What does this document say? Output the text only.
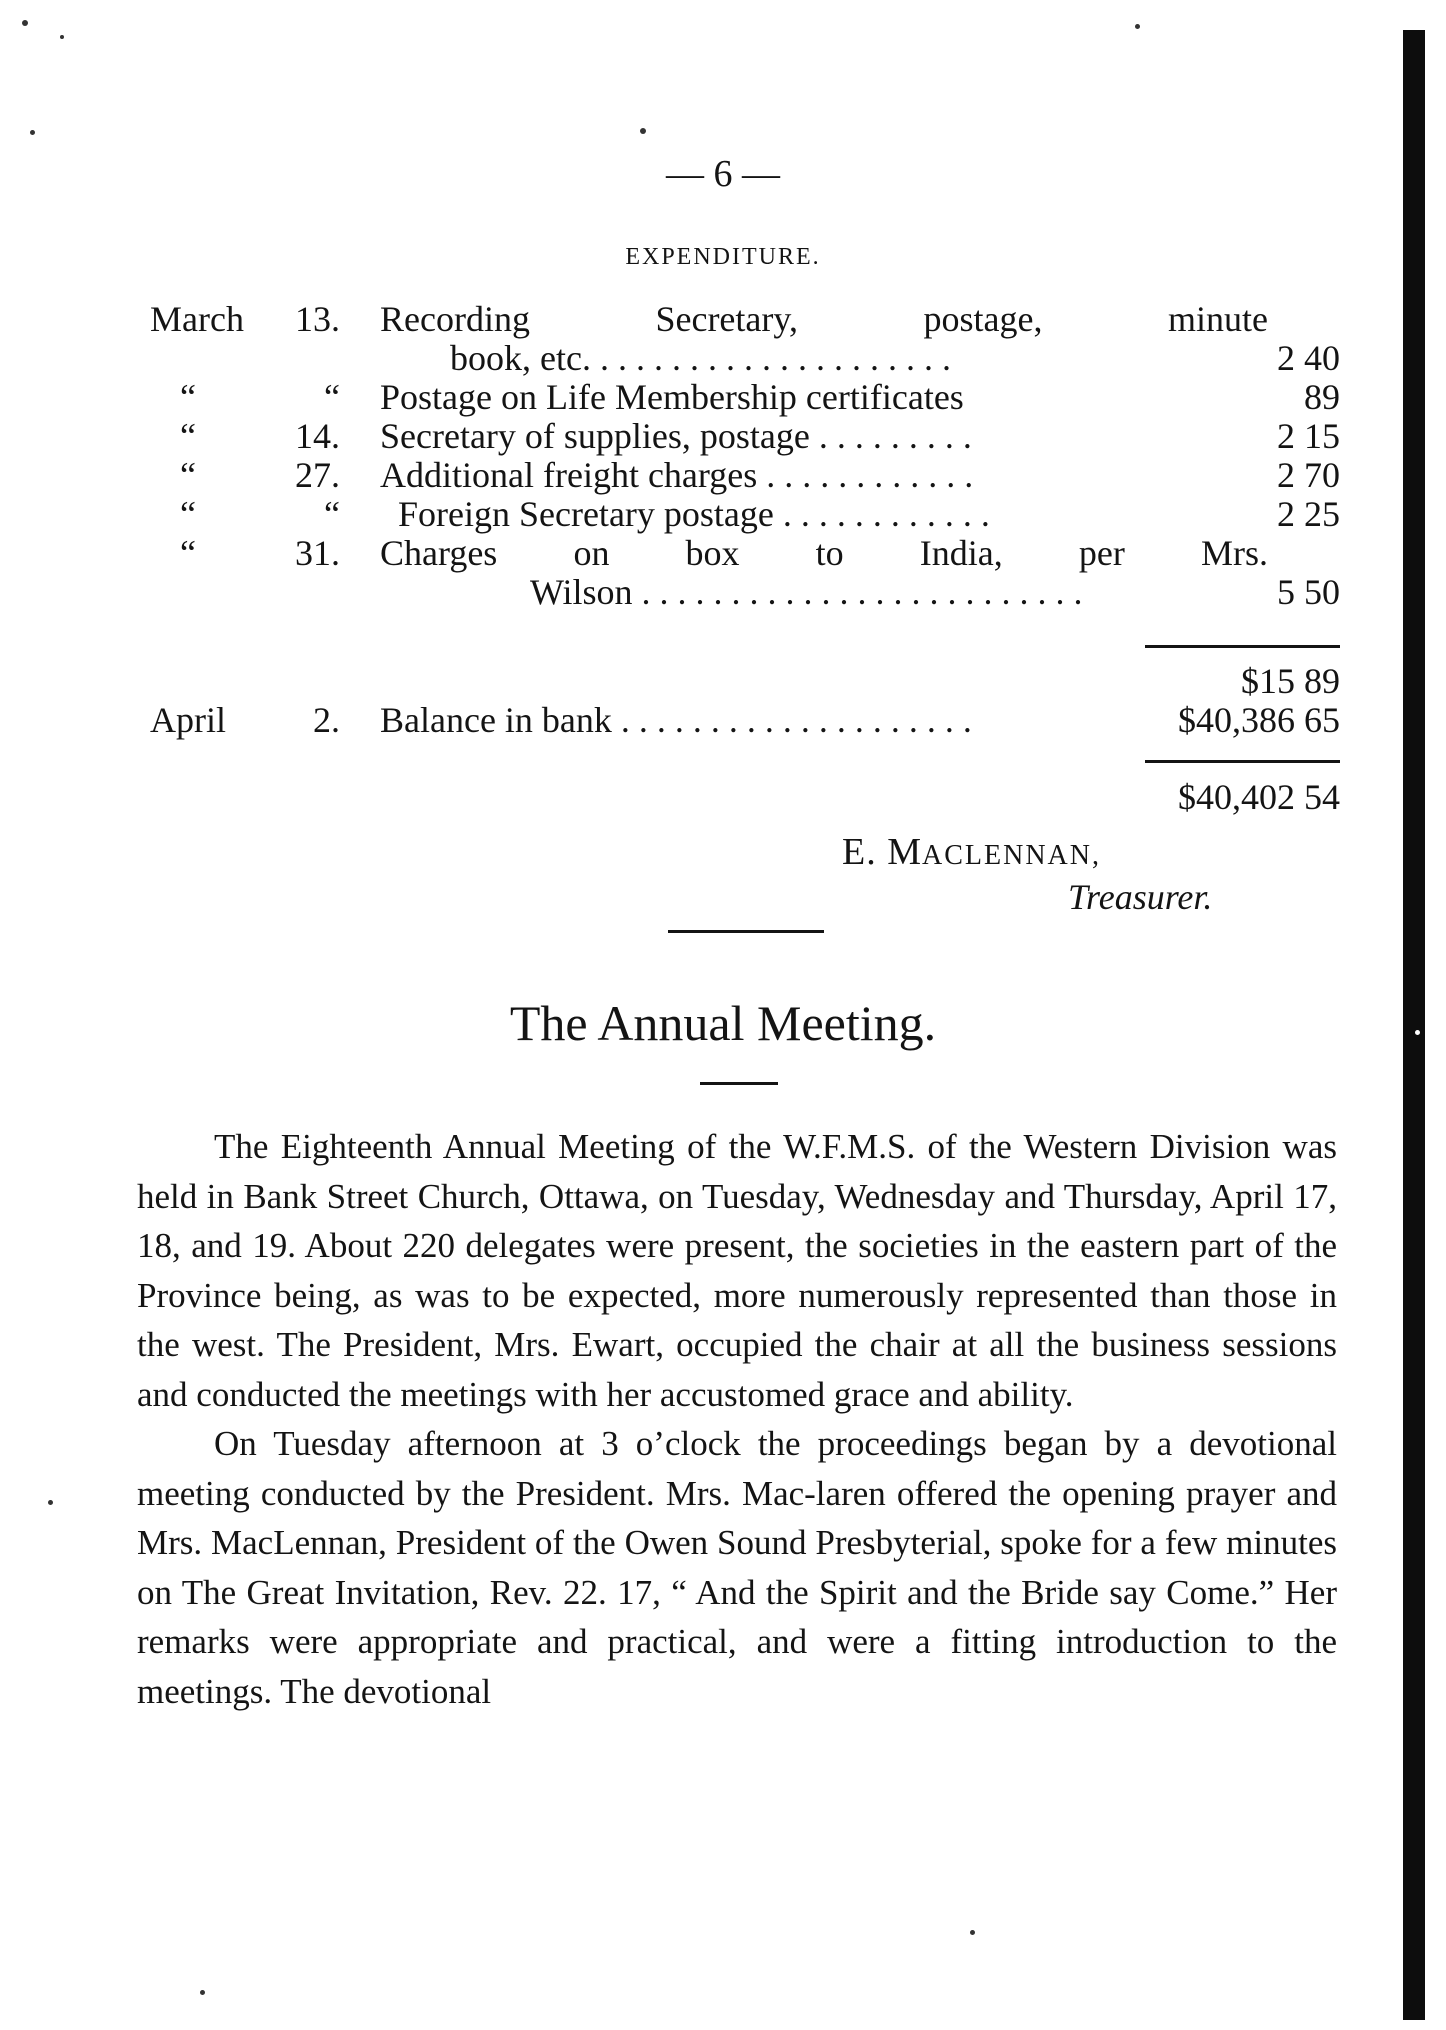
— 6 —
EXPENDITURE.
March	13. Recording Secretary, postage, minute
book, etc. . . . . . . . . . . . . . . . . . . . .	2 40
“	“ Postage on Life Membership certificates	89
“	14. Secretary of supplies, postage . . . . . . . . .	2 15
“	27. Additional freight charges . . . . . . . . . . . .	2 70
“	“ Foreign Secretary postage . . . . . . . . . . . .	2 25
“	31. Charges on box to India, per Mrs.
Wilson . . . . . . . . . . . . . . . . . . . . . . . . .	5 50
$15 89
April	2. Balance in bank . . . . . . . . . . . . . . . . . . . .	$40,386 65
$40,402 54
E. MACLENNAN,
Treasurer.
The Annual Meeting.

The Eighteenth Annual Meeting of the W.F.M.S. of the Western Division was held in Bank Street Church, Ottawa, on Tuesday, Wednesday and Thursday, April 17, 18, and 19. About 220 delegates were present, the societies in the eastern part of the Province being, as was to be expected, more numerously represented than those in the west. The President, Mrs. Ewart, occupied the chair at all the business sessions and conducted the meetings with her accustomed grace and ability.

On Tuesday afternoon at 3 o’clock the proceedings began by a devotional meeting conducted by the President. Mrs. Mac-laren offered the opening prayer and Mrs. MacLennan, President of the Owen Sound Presbyterial, spoke for a few minutes on The Great Invitation, Rev. 22. 17, “ And the Spirit and the Bride say Come.” Her remarks were appropriate and practical, and were a fitting introduction to the meetings. The devotional
